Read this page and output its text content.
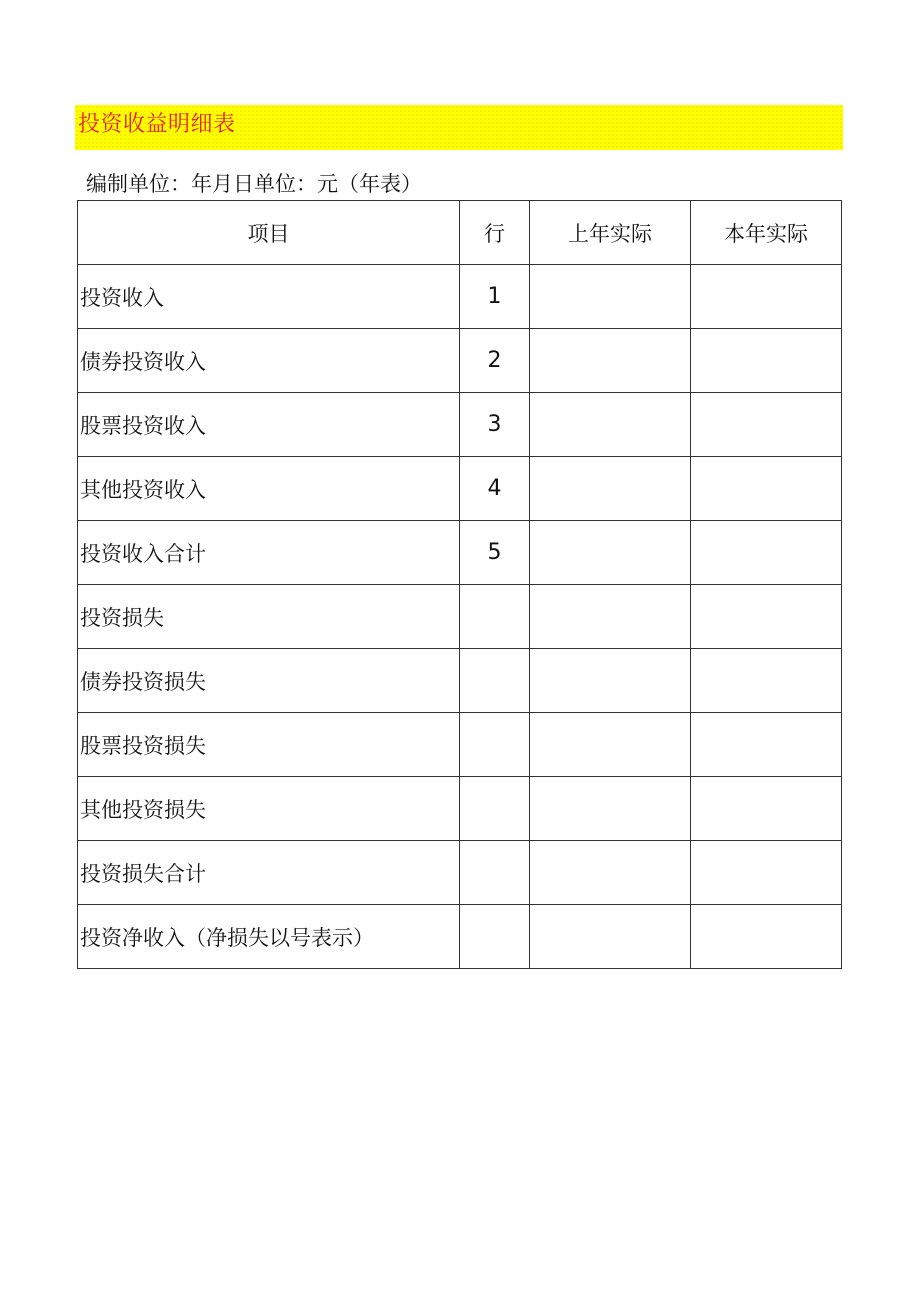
投资收益明细表
编制单位：年月日单位：元（年表）
项目	行	上年实际	本年实际
投资收入	1		
债券投资收入	2		
股票投资收入	3		
其他投资收入	4		
投资收入合计	5		
投资损失			
债券投资损失			
股票投资损失			
其他投资损失			
投资损失合计			
投资净收入（净损失以号表示）			
